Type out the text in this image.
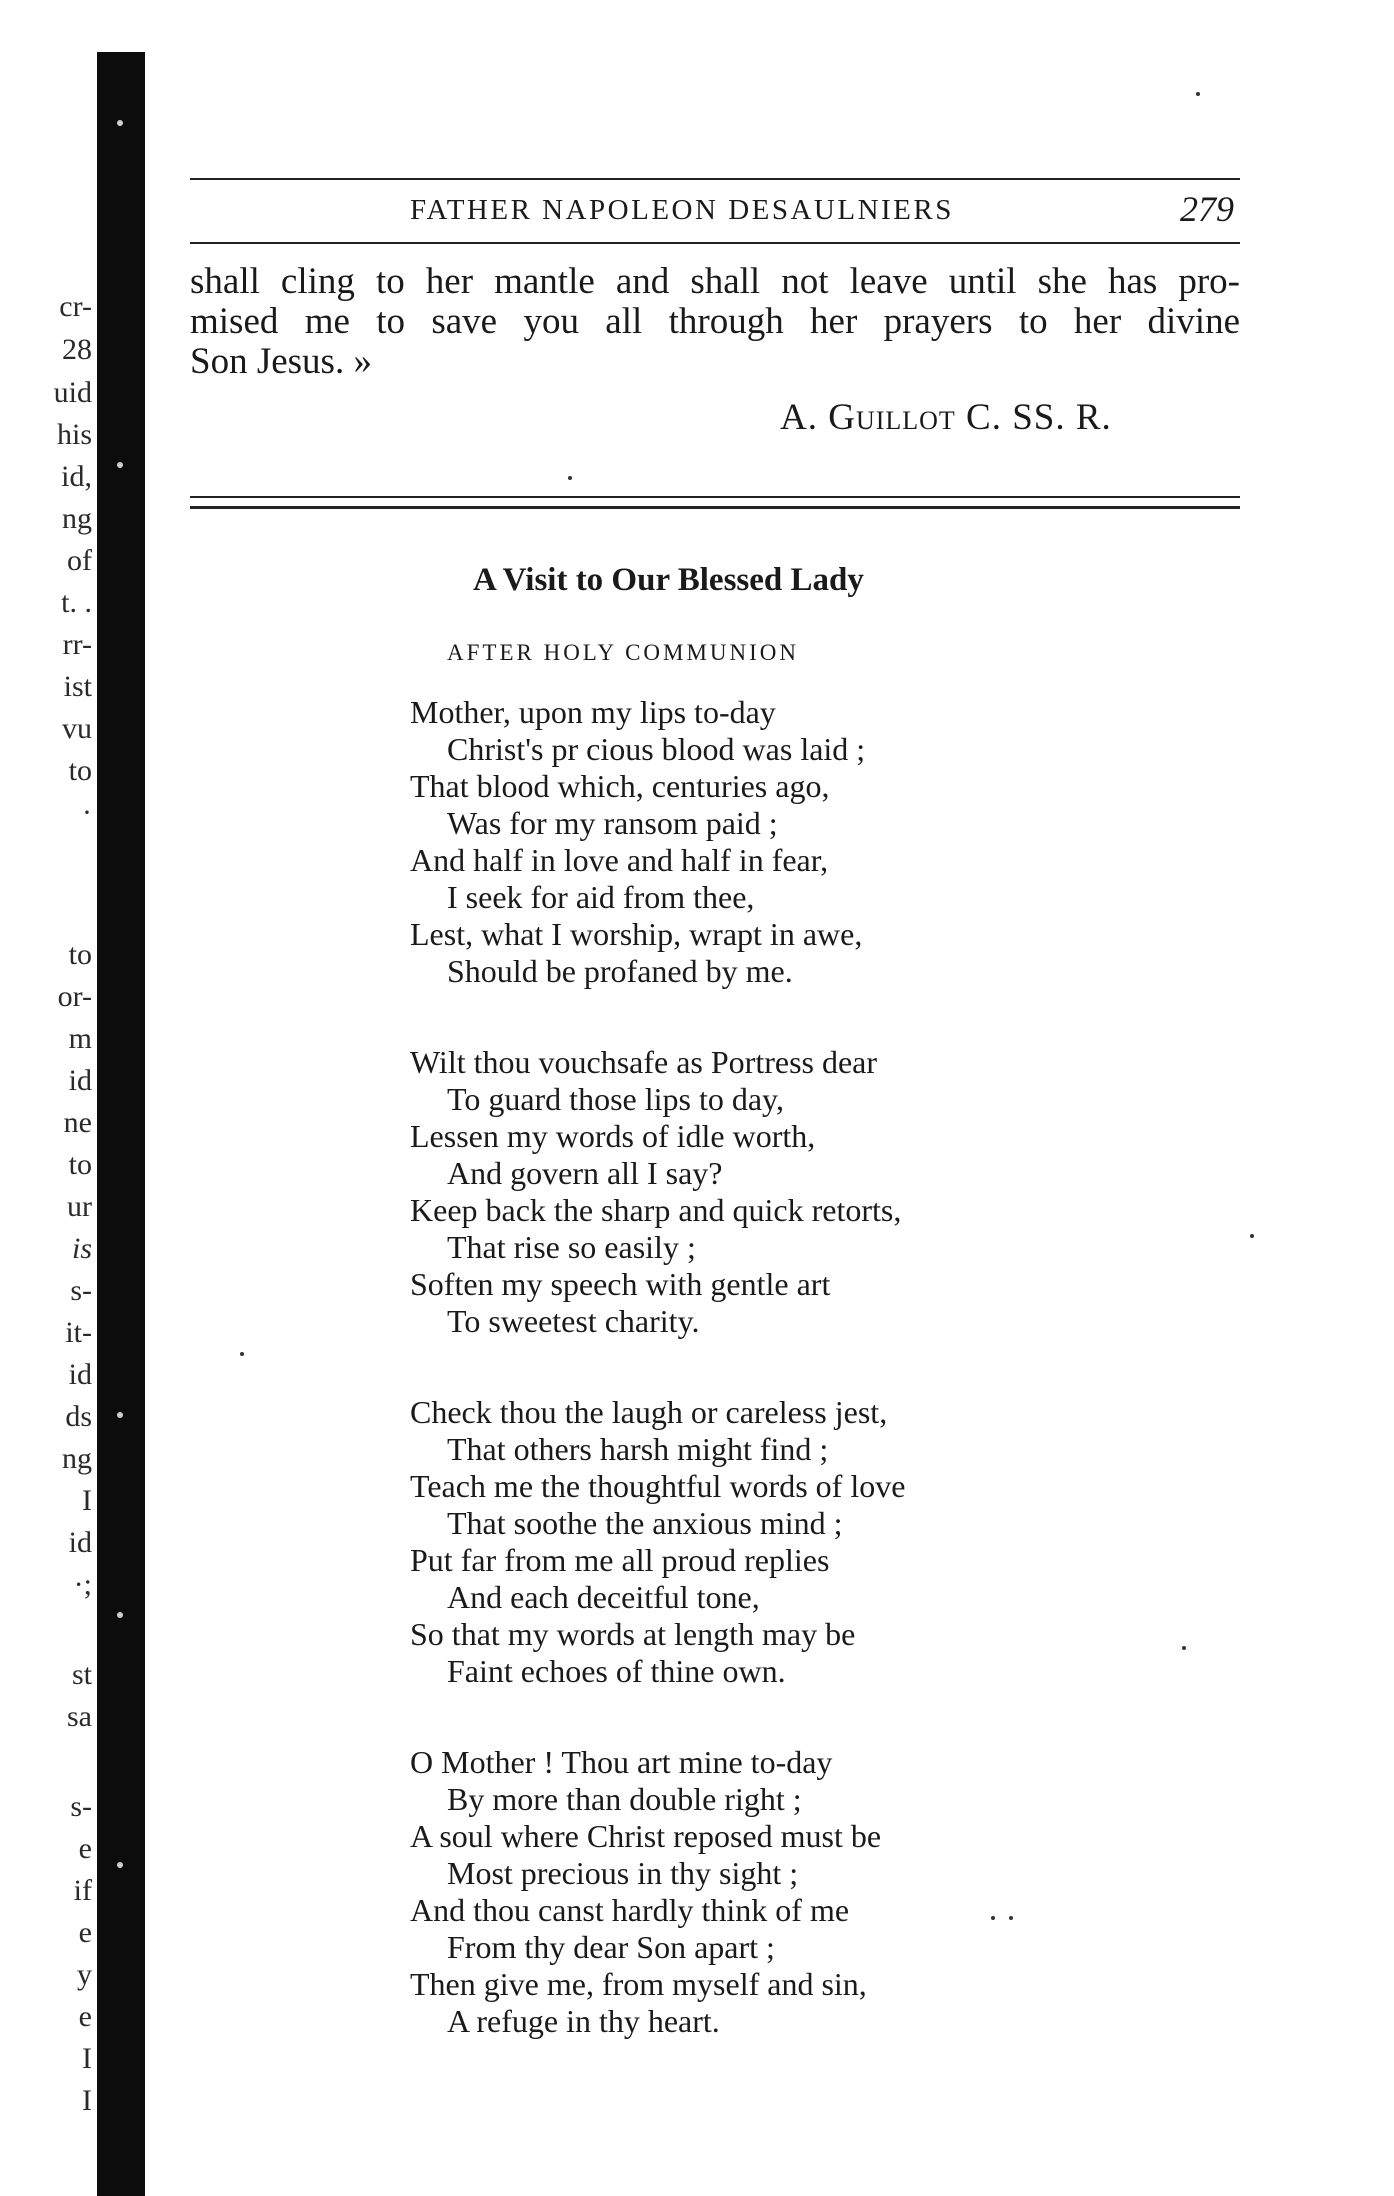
cr-
28
uid
his
id,
ng
of
t. .
rr-
ist
vu
to
·
to
or-
m
id
ne
to
ur
is
s-
it-
id
ds
ng
I
id
·;
st
sa
s-
e
if
e
y
e
I
I
FATHER NAPOLEON DESAULNIERS	279

shall cling to her mantle and shall not leave until she has pro-

mised me to save you all through her prayers to her divine

Son Jesus. »

A. Guillot C. SS. R.
A Visit to Our Blessed Lady
AFTER HOLY COMMUNION
Mother, upon my lips to-day
Christ's pr cious blood was laid ;
That blood which, centuries ago,
Was for my ransom paid ;
And half in love and half in fear,
I seek for aid from thee,
Lest, what I worship, wrapt in awe,
Should be profaned by me.
Wilt thou vouchsafe as Portress dear
To guard those lips to day,
Lessen my words of idle worth,
And govern all I say?
Keep back the sharp and quick retorts,
That rise so easily ;
Soften my speech with gentle art
To sweetest charity.
Check thou the laugh or careless jest,
That others harsh might find ;
Teach me the thoughtful words of love
That soothe the anxious mind ;
Put far from me all proud replies
And each deceitful tone,
So that my words at length may be
Faint echoes of thine own.
O Mother ! Thou art mine to-day
By more than double right ;
A soul where Christ reposed must be
Most precious in thy sight ;
And thou canst hardly think of me
From thy dear Son apart ;
Then give me, from myself and sin,
A refuge in thy heart.
